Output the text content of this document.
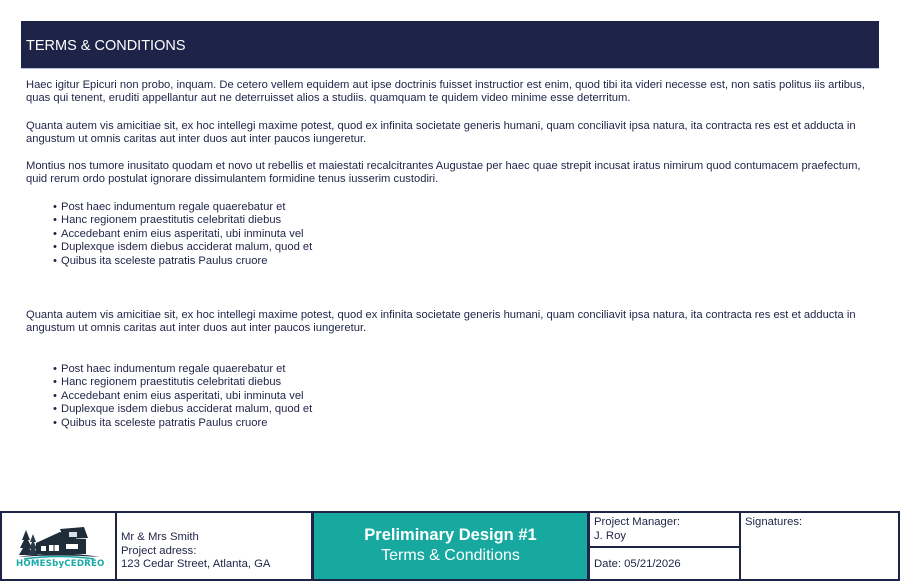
TERMS & CONDITIONS

Haec igitur Epicuri non probo, inquam. De cetero vellem equidem aut ipse doctrinis fuisset instructior est enim, quod tibi ita videri necesse est, non satis politus iis artibus, quas qui tenent, eruditi appellantur aut ne deterruisset alios a studiis. quamquam te quidem video minime esse deterritum.

Quanta autem vis amicitiae sit, ex hoc intellegi maxime potest, quod ex infinita societate generis humani, quam conciliavit ipsa natura, ita contracta res est et adducta in angustum ut omnis caritas aut inter duos aut inter paucos iungeretur.

Montius nos tumore inusitato quodam et novo ut rebellis et maiestati recalcitrantes Augustae per haec quae strepit incusat iratus nimirum quod contumacem praefectum, quid rerum ordo postulat ignorare dissimulantem formidine tenus iusserim custodiri.

• Post haec indumentum regale quaerebatur et
• Hanc regionem praestitutis celebritati diebus
• Accedebant enim eius asperitati, ubi inminuta vel
• Duplexque isdem diebus acciderat malum, quod et
• Quibus ita sceleste patratis Paulus cruore

Quanta autem vis amicitiae sit, ex hoc intellegi maxime potest, quod ex infinita societate generis humani, quam conciliavit ipsa natura, ita contracta res est et adducta in angustum ut omnis caritas aut inter duos aut inter paucos iungeretur.

• Post haec indumentum regale quaerebatur et
• Hanc regionem praestitutis celebritati diebus
• Accedebant enim eius asperitati, ubi inminuta vel
• Duplexque isdem diebus acciderat malum, quod et
• Quibus ita sceleste patratis Paulus cruore
HOMESbyCEDREO
Mr & Mrs Smith
Project adress:
123 Cedar Street, Atlanta, GA
Preliminary Design #1
Terms & Conditions
Project Manager:
J. Roy
Date: 05/21/2026
Signatures:
